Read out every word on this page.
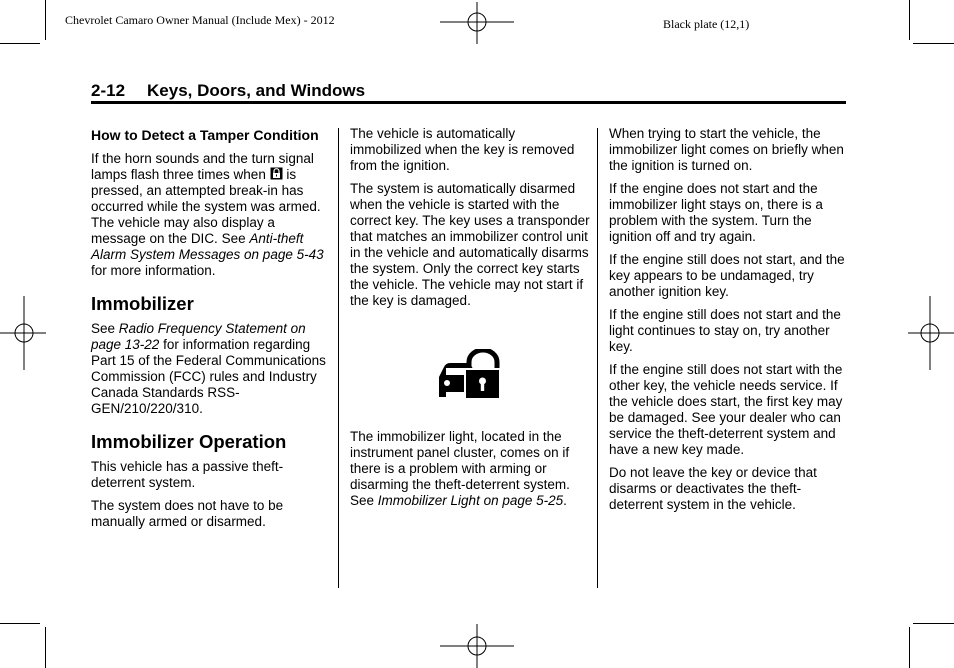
Chevrolet Camaro Owner Manual (Include Mex) - 2012	Black plate (12,1)
2-12 Keys, Doors, and Windows
How to Detect a Tamper Condition

If the horn sounds and the turn signal lamps flash three times when  is pressed, an attempted break-in has occurred while the system was armed. The vehicle may also display a message on the DIC. See Anti-theft Alarm System Messages on page 5-43 for more information.

Immobilizer

See Radio Frequency Statement on page 13-22 for information regarding Part 15 of the Federal Communications Commission (FCC) rules and Industry Canada Standards RSS-GEN/210/220/310.

Immobilizer Operation

This vehicle has a passive theft-deterrent system.

The system does not have to be manually armed or disarmed.

The vehicle is automatically immobilized when the key is removed from the ignition.

The system is automatically disarmed when the vehicle is started with the correct key. The key uses a transponder that matches an immobilizer control unit in the vehicle and automatically disarms the system. Only the correct key starts the vehicle. The vehicle may not start if the key is damaged.

The immobilizer light, located in the instrument panel cluster, comes on if there is a problem with arming or disarming the theft-deterrent system. See Immobilizer Light on page 5-25.

When trying to start the vehicle, the immobilizer light comes on briefly when the ignition is turned on.

If the engine does not start and the immobilizer light stays on, there is a problem with the system. Turn the ignition off and try again.

If the engine still does not start, and the key appears to be undamaged, try another ignition key.

If the engine still does not start and the light continues to stay on, try another key.

If the engine still does not start with the other key, the vehicle needs service. If the vehicle does start, the first key may be damaged. See your dealer who can service the theft-deterrent system and have a new key made.

Do not leave the key or device that disarms or deactivates the theft-deterrent system in the vehicle.
